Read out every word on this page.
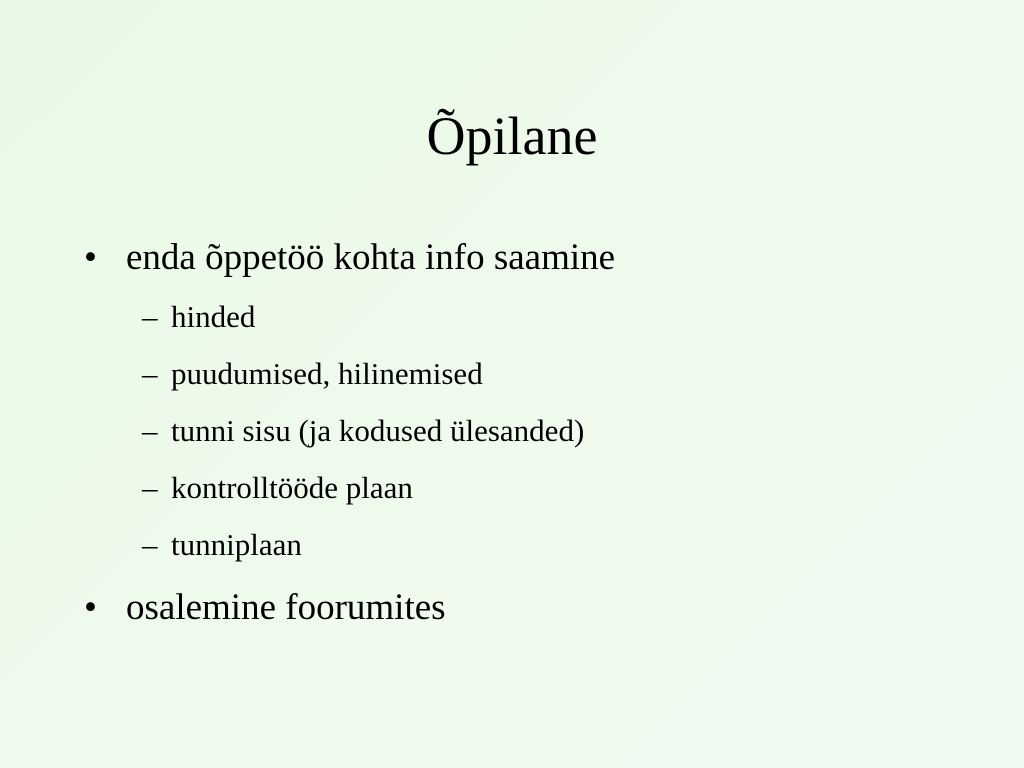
Õpilane
• enda õppetöö kohta info saamine
– hinded
– puudumised, hilinemised
– tunni sisu (ja kodused ülesanded)
– kontrolltööde plaan
– tunniplaan
• osalemine foorumites
